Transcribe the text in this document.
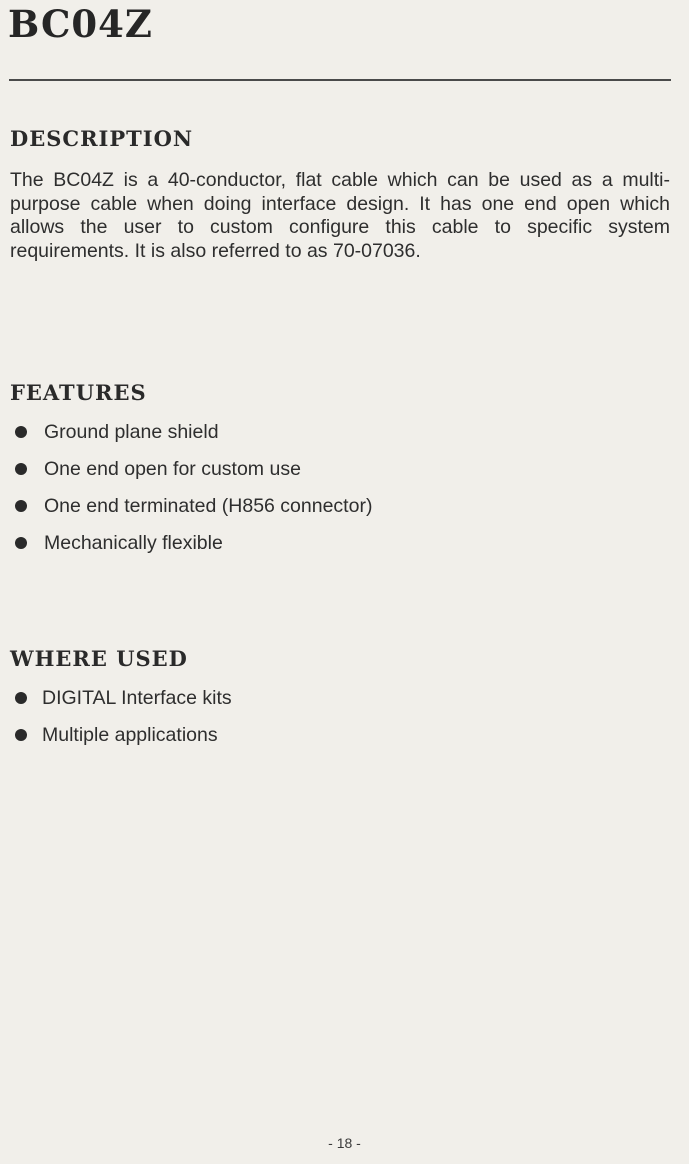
BC04Z
DESCRIPTION

The BC04Z is a 40-conductor, flat cable which can be used as a multi-purpose cable when doing interface design. It has one end open which allows the user to custom configure this cable to specific system requirements. It is also referred to as 70-07036.

FEATURES
Ground plane shield
One end open for custom use
One end terminated (H856 connector)
Mechanically flexible
WHERE USED
DIGITAL Interface kits
Multiple applications
- 18 -
